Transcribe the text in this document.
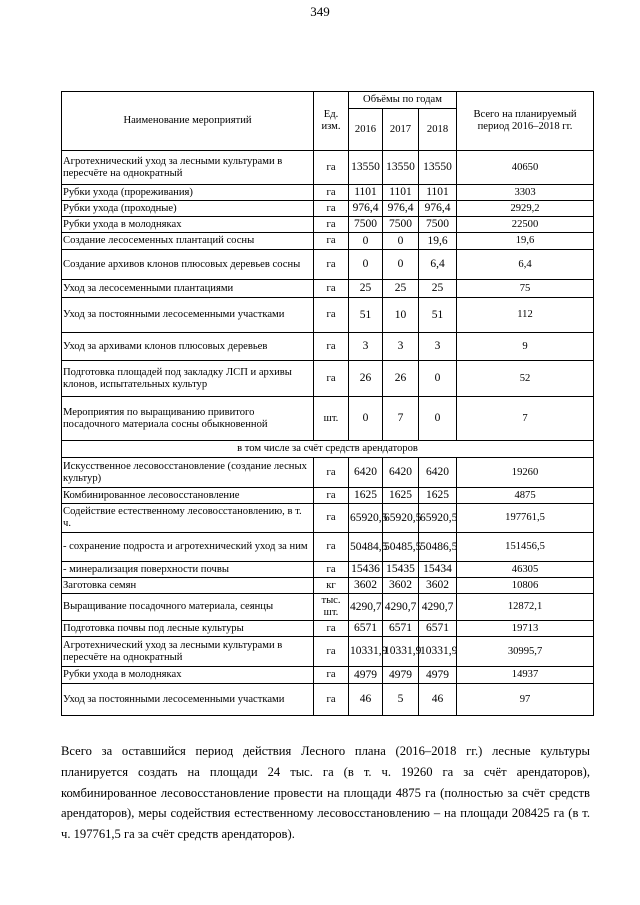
349
Наименование мероприятий	Ед. изм.	Объёмы по годам			Всего на планируемый период 2016–2018 гг.
		2016	2017	2018	
Агротехнический уход за лесными культурами в пересчёте на однократный	га	13550	13550	13550	40650
Рубки ухода (прореживания)	га	1101	1101	1101	3303
Рубки ухода (проходные)	га	976,4	976,4	976,4	2929,2
Рубки ухода в молодняках	га	7500	7500	7500	22500
Создание лесосеменных плантаций сосны	га	0	0	19,6	19,6
Создание архивов клонов плюсовых деревьев сосны	га	0	0	6,4	6,4
Уход за лесосеменными плантациями	га	25	25	25	75
Уход за постоянными лесосеменными участками	га	51	10	51	112
Уход за архивами клонов плюсовых деревьев	га	3	3	3	9
Подготовка площадей под закладку ЛСП и архивы клонов, испытательных культур	га	26	26	0	52
Мероприятия по выращиванию привитого посадочного материала сосны обыкновенной	шт.	0	7	0	7
в том числе за счёт средств арендаторов					
Искусственное лесовосстановление (создание лесных культур)	га	6420	6420	6420	19260
Комбинированное лесовосстановление	га	1625	1625	1625	4875
Содействие естественному лесовосстановлению, в т. ч.	га	65920,5	65920,5	65920,5	197761,5
- сохранение подроста и агротехнический уход за ним	га	50484,5	50485,5	50486,5	151456,5
- минерализация поверхности почвы	га	15436	15435	15434	46305
Заготовка семян	кг	3602	3602	3602	10806
Выращивание посадочного материала, сеянцы	тыс. шт.	4290,7	4290,7	4290,7	12872,1
Подготовка почвы под лесные культуры	га	6571	6571	6571	19713
Агротехнический уход за лесными культурами в пересчёте на однократный	га	10331,9	10331,9	10331,9	30995,7
Рубки ухода в молодняках	га	4979	4979	4979	14937
Уход за постоянными лесосеменными участками	га	46	5	46	97

Всего за оставшийся период действия Лесного плана (2016–2018 гг.) лесные культуры планируется создать на площади 24 тыс. га (в т. ч. 19260 га за счёт арендаторов), комбинированное лесовосстановление провести на площади 4875 га (полностью за счёт средств арендаторов), меры содействия естественному лесовосстановлению – на площади 208425 га (в т. ч. 197761,5 га за счёт средств арендаторов).
